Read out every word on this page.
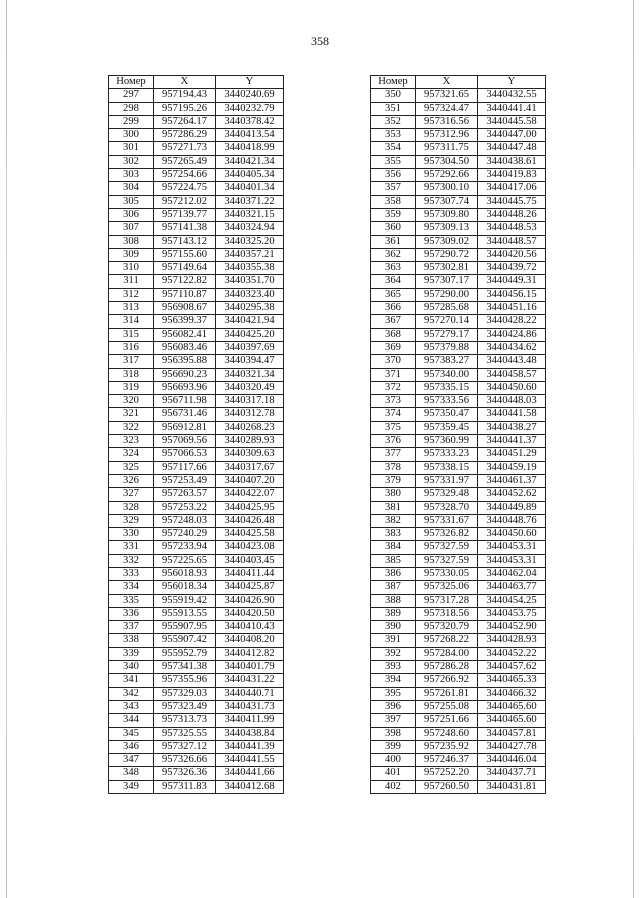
358
Номер	X	Y
297	957194.43	3440240.69
298	957195.26	3440232.79
299	957264.17	3440378.42
300	957286.29	3440413.54
301	957271.73	3440418.99
302	957265.49	3440421.34
303	957254.66	3440405.34
304	957224.75	3440401.34
305	957212.02	3440371.22
306	957139.77	3440321.15
307	957141.38	3440324.94
308	957143.12	3440325.20
309	957155.60	3440357.21
310	957149.64	3440355.38
311	957122.82	3440351.70
312	957110.87	3440323.40
313	956908.67	3440295.38
314	956399.37	3440421.94
315	956082.41	3440425.20
316	956083.46	3440397.69
317	956395.88	3440394.47
318	956690.23	3440321.34
319	956693.96	3440320.49
320	956711.98	3440317.18
321	956731.46	3440312.78
322	956912.81	3440268.23
323	957069.56	3440289.93
324	957066.53	3440309.63
325	957117.66	3440317.67
326	957253.49	3440407.20
327	957263.57	3440422.07
328	957253.22	3440425.95
329	957248.03	3440426.48
330	957240.29	3440425.58
331	957233.94	3440423.08
332	957225.65	3440403.45
333	956018.93	3440411.44
334	956018.34	3440425.87
335	955919.42	3440426.90
336	955913.55	3440420.50
337	955907.95	3440410.43
338	955907.42	3440408.20
339	955952.79	3440412.82
340	957341.38	3440401.79
341	957355.96	3440431.22
342	957329.03	3440440.71
343	957323.49	3440431.73
344	957313.73	3440411.99
345	957325.55	3440438.84
346	957327.12	3440441.39
347	957326.66	3440441.55
348	957326.36	3440441.66
349	957311.83	3440412.68
Номер	X	Y
350	957321.65	3440432.55
351	957324.47	3440441.41
352	957316.56	3440445.58
353	957312.96	3440447.00
354	957311.75	3440447.48
355	957304.50	3440438.61
356	957292.66	3440419.83
357	957300.10	3440417.06
358	957307.74	3440445.75
359	957309.80	3440448.26
360	957309.13	3440448.53
361	957309.02	3440448.57
362	957290.72	3440420.56
363	957302.81	3440439.72
364	957307.17	3440449.31
365	957290.00	3440456.15
366	957285.68	3440451.16
367	957270.14	3440428.22
368	957279.17	3440424.86
369	957379.88	3440434.62
370	957383.27	3440443.48
371	957340.00	3440458.57
372	957335.15	3440450.60
373	957333.56	3440448.03
374	957350.47	3440441.58
375	957359.45	3440438.27
376	957360.99	3440441.37
377	957333.23	3440451.29
378	957338.15	3440459.19
379	957331.97	3440461.37
380	957329.48	3440452.62
381	957328.70	3440449.89
382	957331.67	3440448.76
383	957326.82	3440450.60
384	957327.59	3440453.31
385	957327.59	3440453.31
386	957330.05	3440462.04
387	957325.06	3440463.77
388	957317.28	3440454.25
389	957318.56	3440453.75
390	957320.79	3440452.90
391	957268.22	3440428.93
392	957284.00	3440452.22
393	957286.28	3440457.62
394	957266.92	3440465.33
395	957261.81	3440466.32
396	957255.08	3440465.60
397	957251.66	3440465.60
398	957248.60	3440457.81
399	957235.92	3440427.78
400	957246.37	3440446.04
401	957252.20	3440437.71
402	957260.50	3440431.81
